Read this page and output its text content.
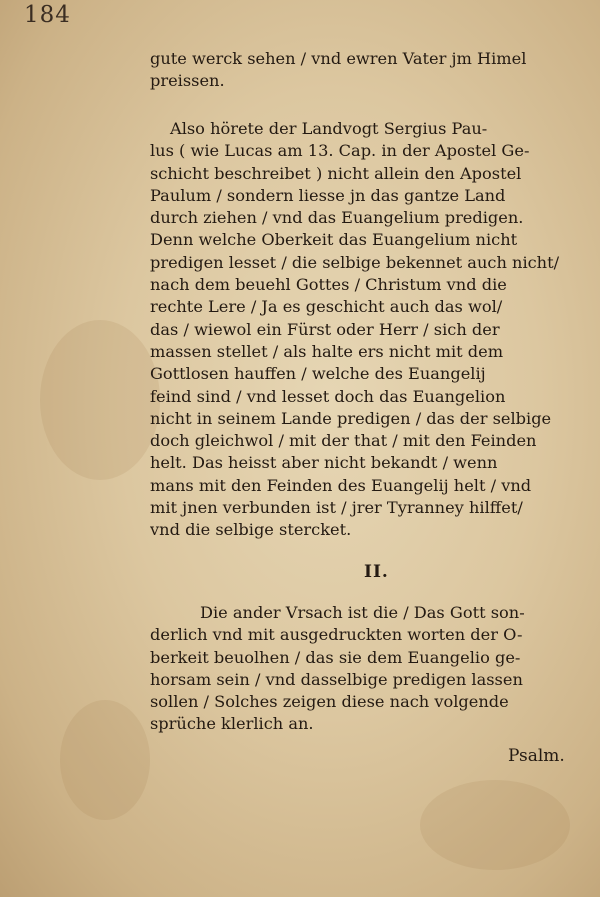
184
gute werck sehen / vnd ewren Vater jm Himel
preissen.
Also hörete der Landvogt Sergius Pau-
lus ( wie Lucas am 13. Cap. in der Apostel Ge-
schicht beschreibet ) nicht allein den Apostel
Paulum / sondern liesse jn das gantze Land
durch ziehen / vnd das Euangelium predigen.
Denn welche Oberkeit das Euangelium nicht
predigen lesset / die selbige bekennet auch nicht/
nach dem beuehl Gottes / Christum vnd die
rechte Lere / Ja es geschicht auch das wol/
das / wiewol ein Fürst oder Herr / sich der
massen stellet / als halte ers nicht mit dem
Gottlosen hauffen / welche des Euangelij
feind sind / vnd lesset doch das Euangelion
nicht in seinem Lande predigen / das der selbige
doch gleichwol / mit der that / mit den Feinden
helt. Das heisst aber nicht bekandt / wenn
mans mit den Feinden des Euangelij helt / vnd
mit jnen verbunden ist / jrer Tyranney hilffet/
vnd die selbige stercket.
II.
Die ander Vrsach ist die / Das Gott son-
derlich vnd mit ausgedruckten worten der O-
berkeit beuolhen / das sie dem Euangelio ge-
horsam sein / vnd dasselbige predigen lassen
sollen / Solches zeigen diese nach volgende
sprüche klerlich an.
Psalm.
